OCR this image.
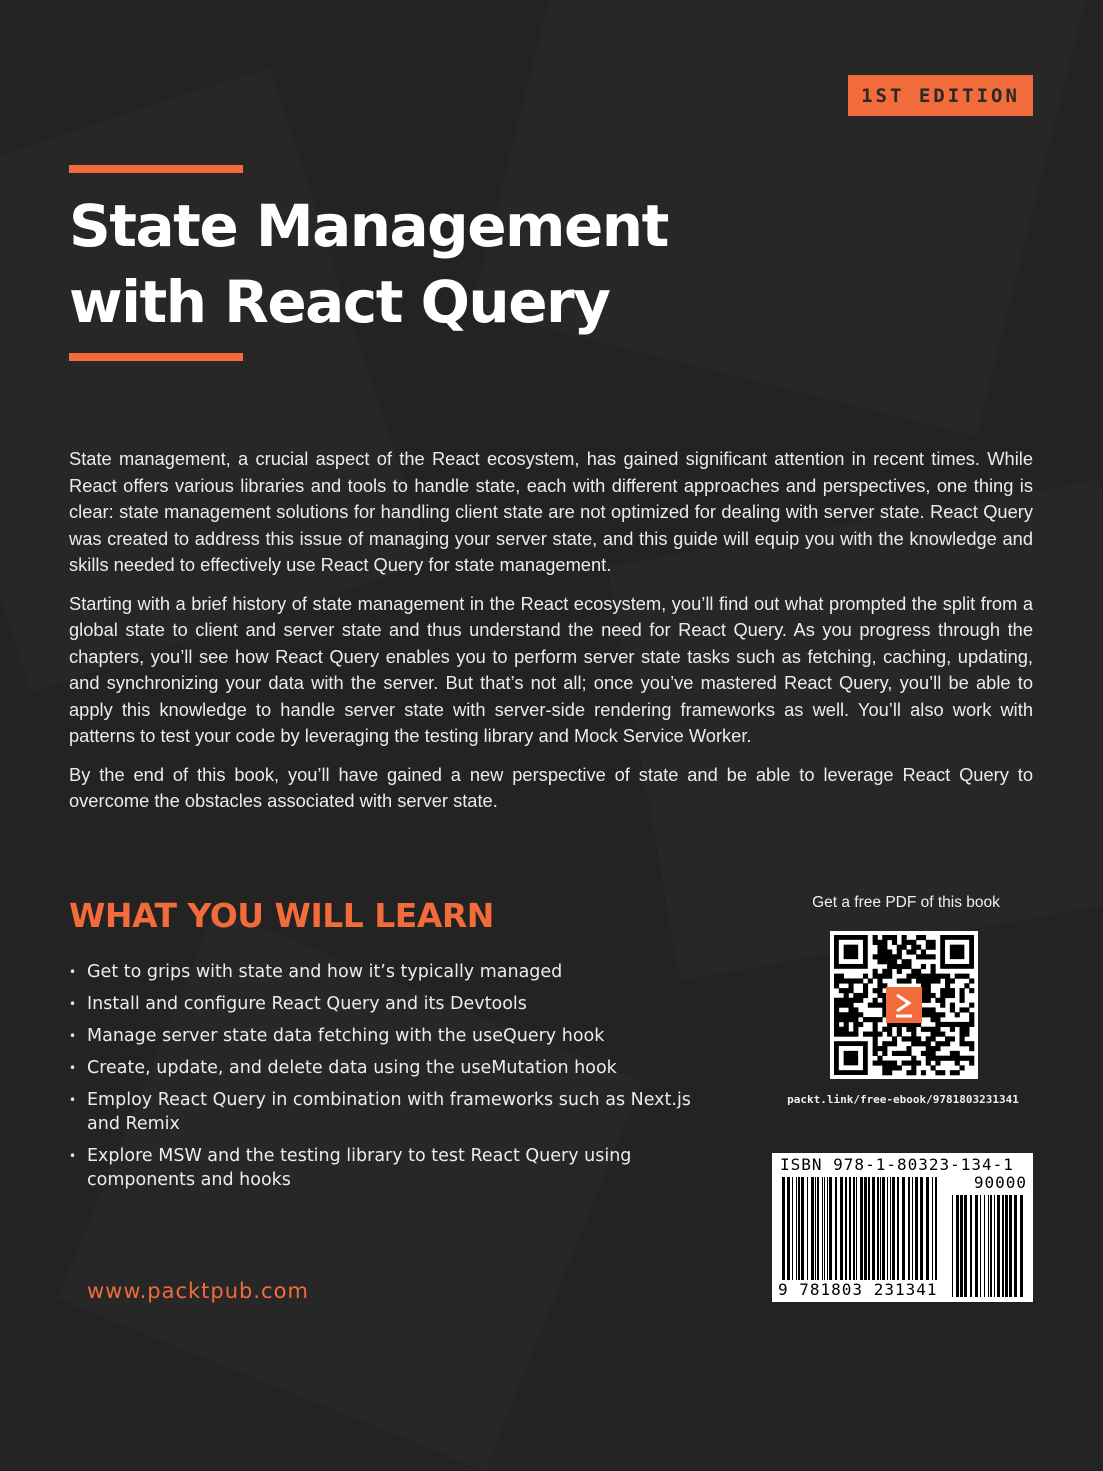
1ST EDITION
State Management
with React Query

State management, a crucial aspect of the React ecosystem, has gained significant attention in recent times. While React offers various libraries and tools to handle state, each with different approaches and perspectives, one thing is clear: state management solutions for handling client state are not optimized for dealing with server state. React Query was created to address this issue of managing your server state, and this guide will equip you with the knowledge and skills needed to effectively use React Query for state management.

Starting with a brief history of state management in the React ecosystem, you’ll find out what prompted the split from a global state to client and server state and thus understand the need for React Query. As you progress through the chapters, you’ll see how React Query enables you to perform server state tasks such as fetching, caching, updating, and synchronizing your data with the server. But that’s not all; once you’ve mastered React Query, you’ll be able to apply this knowledge to handle server state with server-side rendering frameworks as well. You’ll also work with patterns to test your code by leveraging the testing library and Mock Service Worker.

By the end of this book, you’ll have gained a new perspective of state and be able to leverage React Query to overcome the obstacles associated with server state.

WHAT YOU WILL LEARN
• Get to grips with state and how it’s typically managed
• Install and configure React Query and its Devtools
• Manage server state data fetching with the useQuery hook
• Create, update, and delete data using the useMutation hook
• Employ React Query in combination with frameworks such as Next.js and Remix
• Explore MSW and the testing library to test React Query using components and hooks
www.packtpub.com
Get a free PDF of this book
packt.link/free-ebook/9781803231341
ISBN 978-1-80323-134-1
90000
9 781803 231341
